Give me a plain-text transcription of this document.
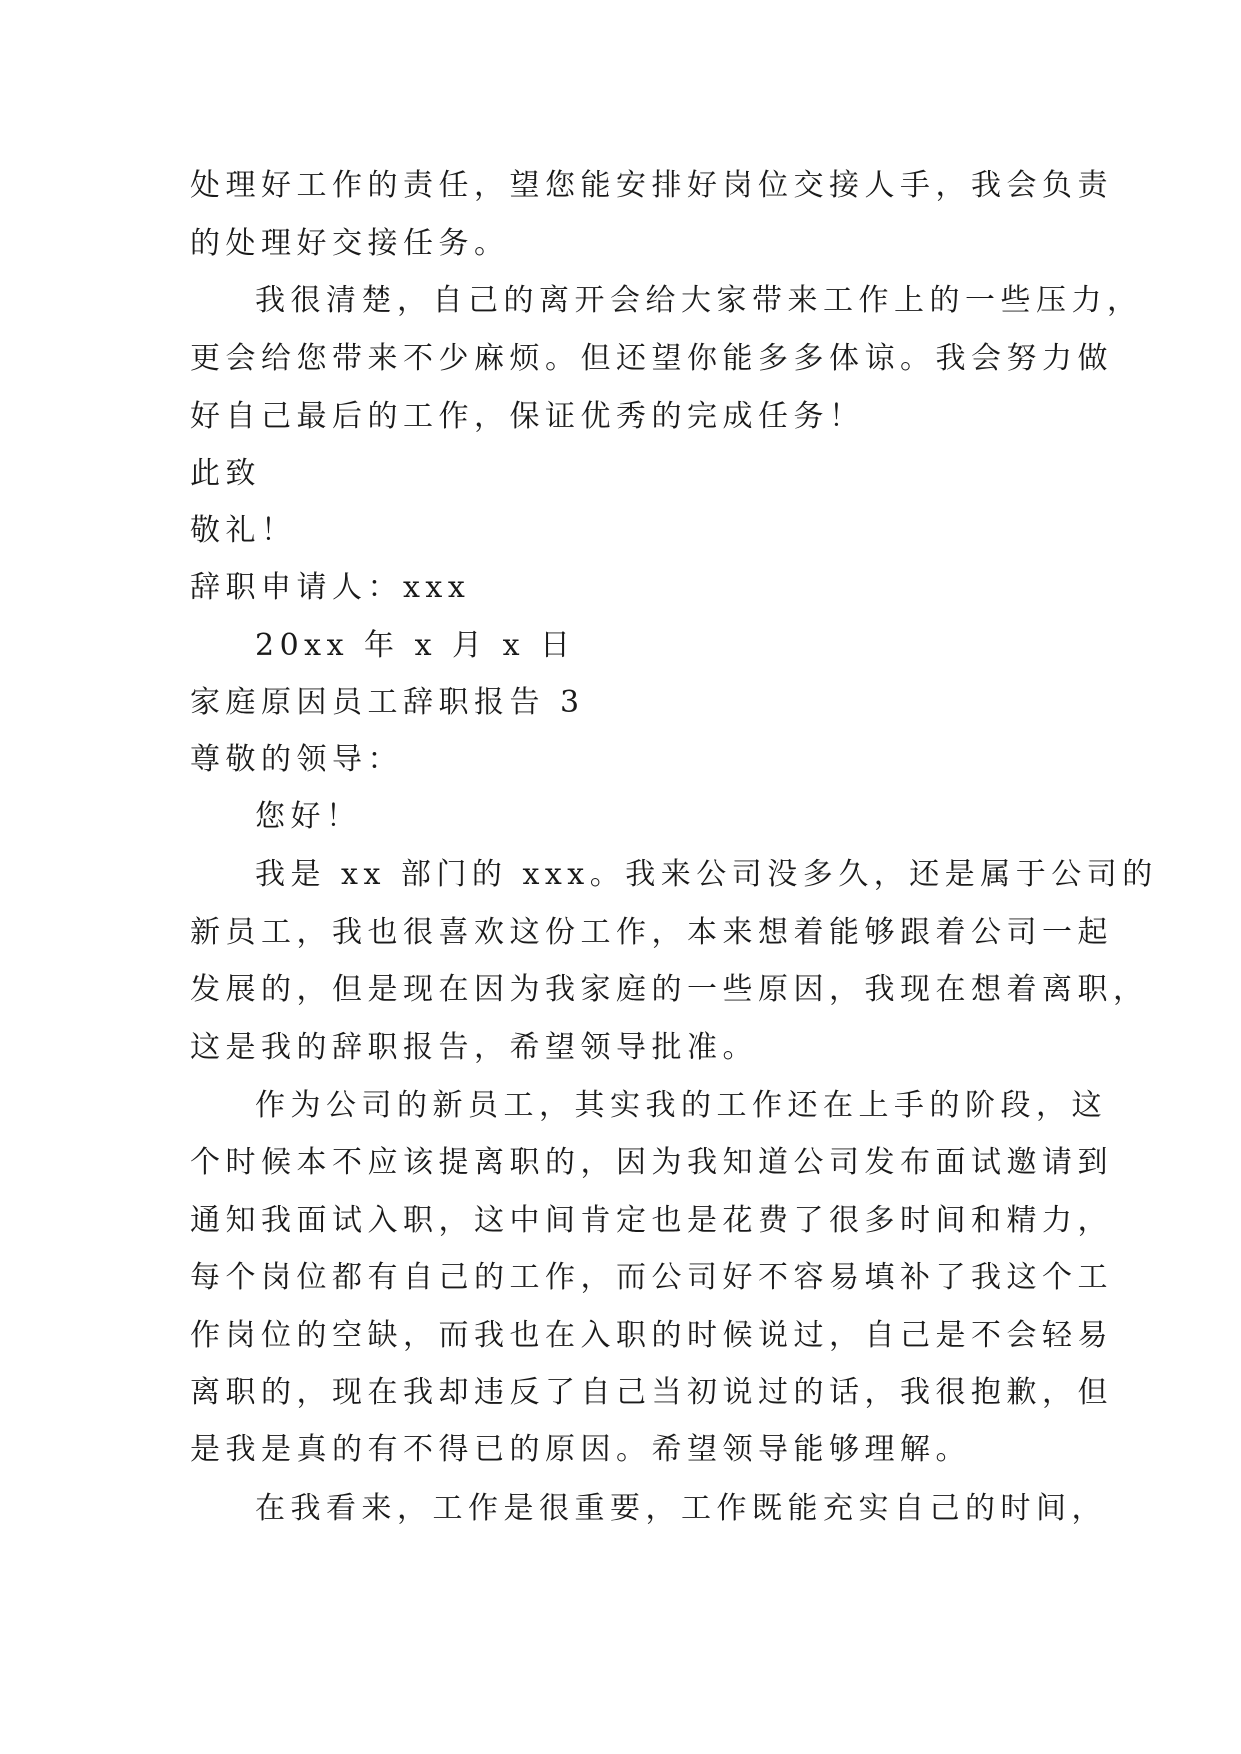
处理好工作的责任，望您能安排好岗位交接人手，我会负责
的处理好交接任务。
我很清楚，自己的离开会给大家带来工作上的一些压力，
更会给您带来不少麻烦。但还望你能多多体谅。我会努力做
好自己最后的工作，保证优秀的完成任务！
此致
敬礼！
辞职申请人：xxx
20xx 年 x 月 x 日
家庭原因员工辞职报告 3
尊敬的领导：
您好！
我是 xx 部门的 xxx。我来公司没多久，还是属于公司的
新员工，我也很喜欢这份工作，本来想着能够跟着公司一起
发展的，但是现在因为我家庭的一些原因，我现在想着离职，
这是我的辞职报告，希望领导批准。
作为公司的新员工，其实我的工作还在上手的阶段，这
个时候本不应该提离职的，因为我知道公司发布面试邀请到
通知我面试入职，这中间肯定也是花费了很多时间和精力，
每个岗位都有自己的工作，而公司好不容易填补了我这个工
作岗位的空缺，而我也在入职的时候说过，自己是不会轻易
离职的，现在我却违反了自己当初说过的话，我很抱歉，但
是我是真的有不得已的原因。希望领导能够理解。
在我看来，工作是很重要，工作既能充实自己的时间，
